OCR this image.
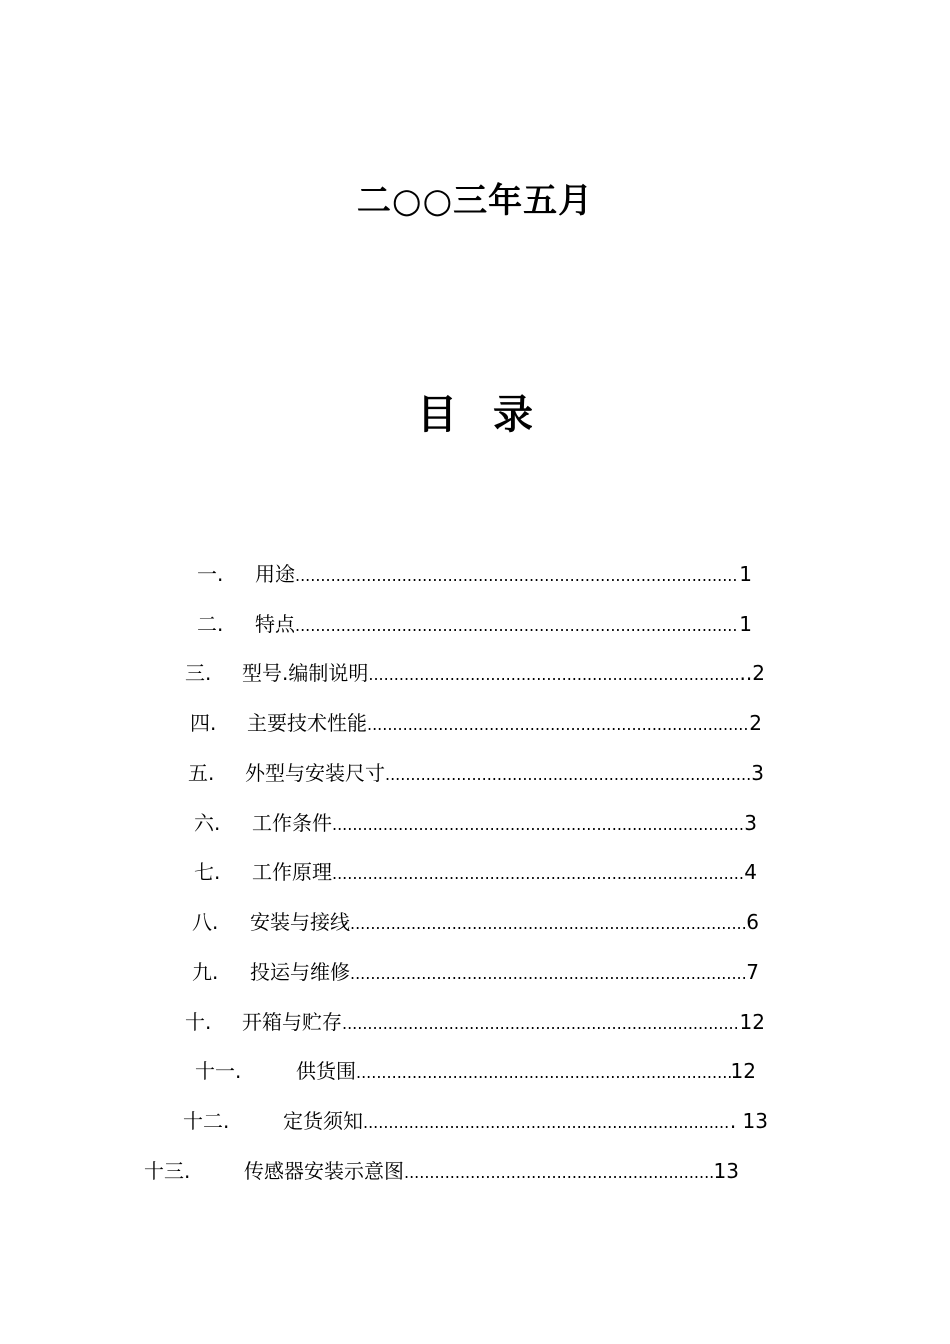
二○○三年五月
目 录
一.	用途 .....	1
二.	特点 .....	1
三.	型号.编制说明 .....	..2
四.	主要技术性能 .....	2
五.	外型与安装尺寸 .....	3
六.	工作条件 .....	3
七.	工作原理 .....	4
八.	安装与接线 .....	6
九.	投运与维修 .....	7
十.	开箱与贮存 .....	12
十一.	供货围 .....	12
十二.	定货须知 .....	. 13
十三.	传感器安装示意图 .....	13
